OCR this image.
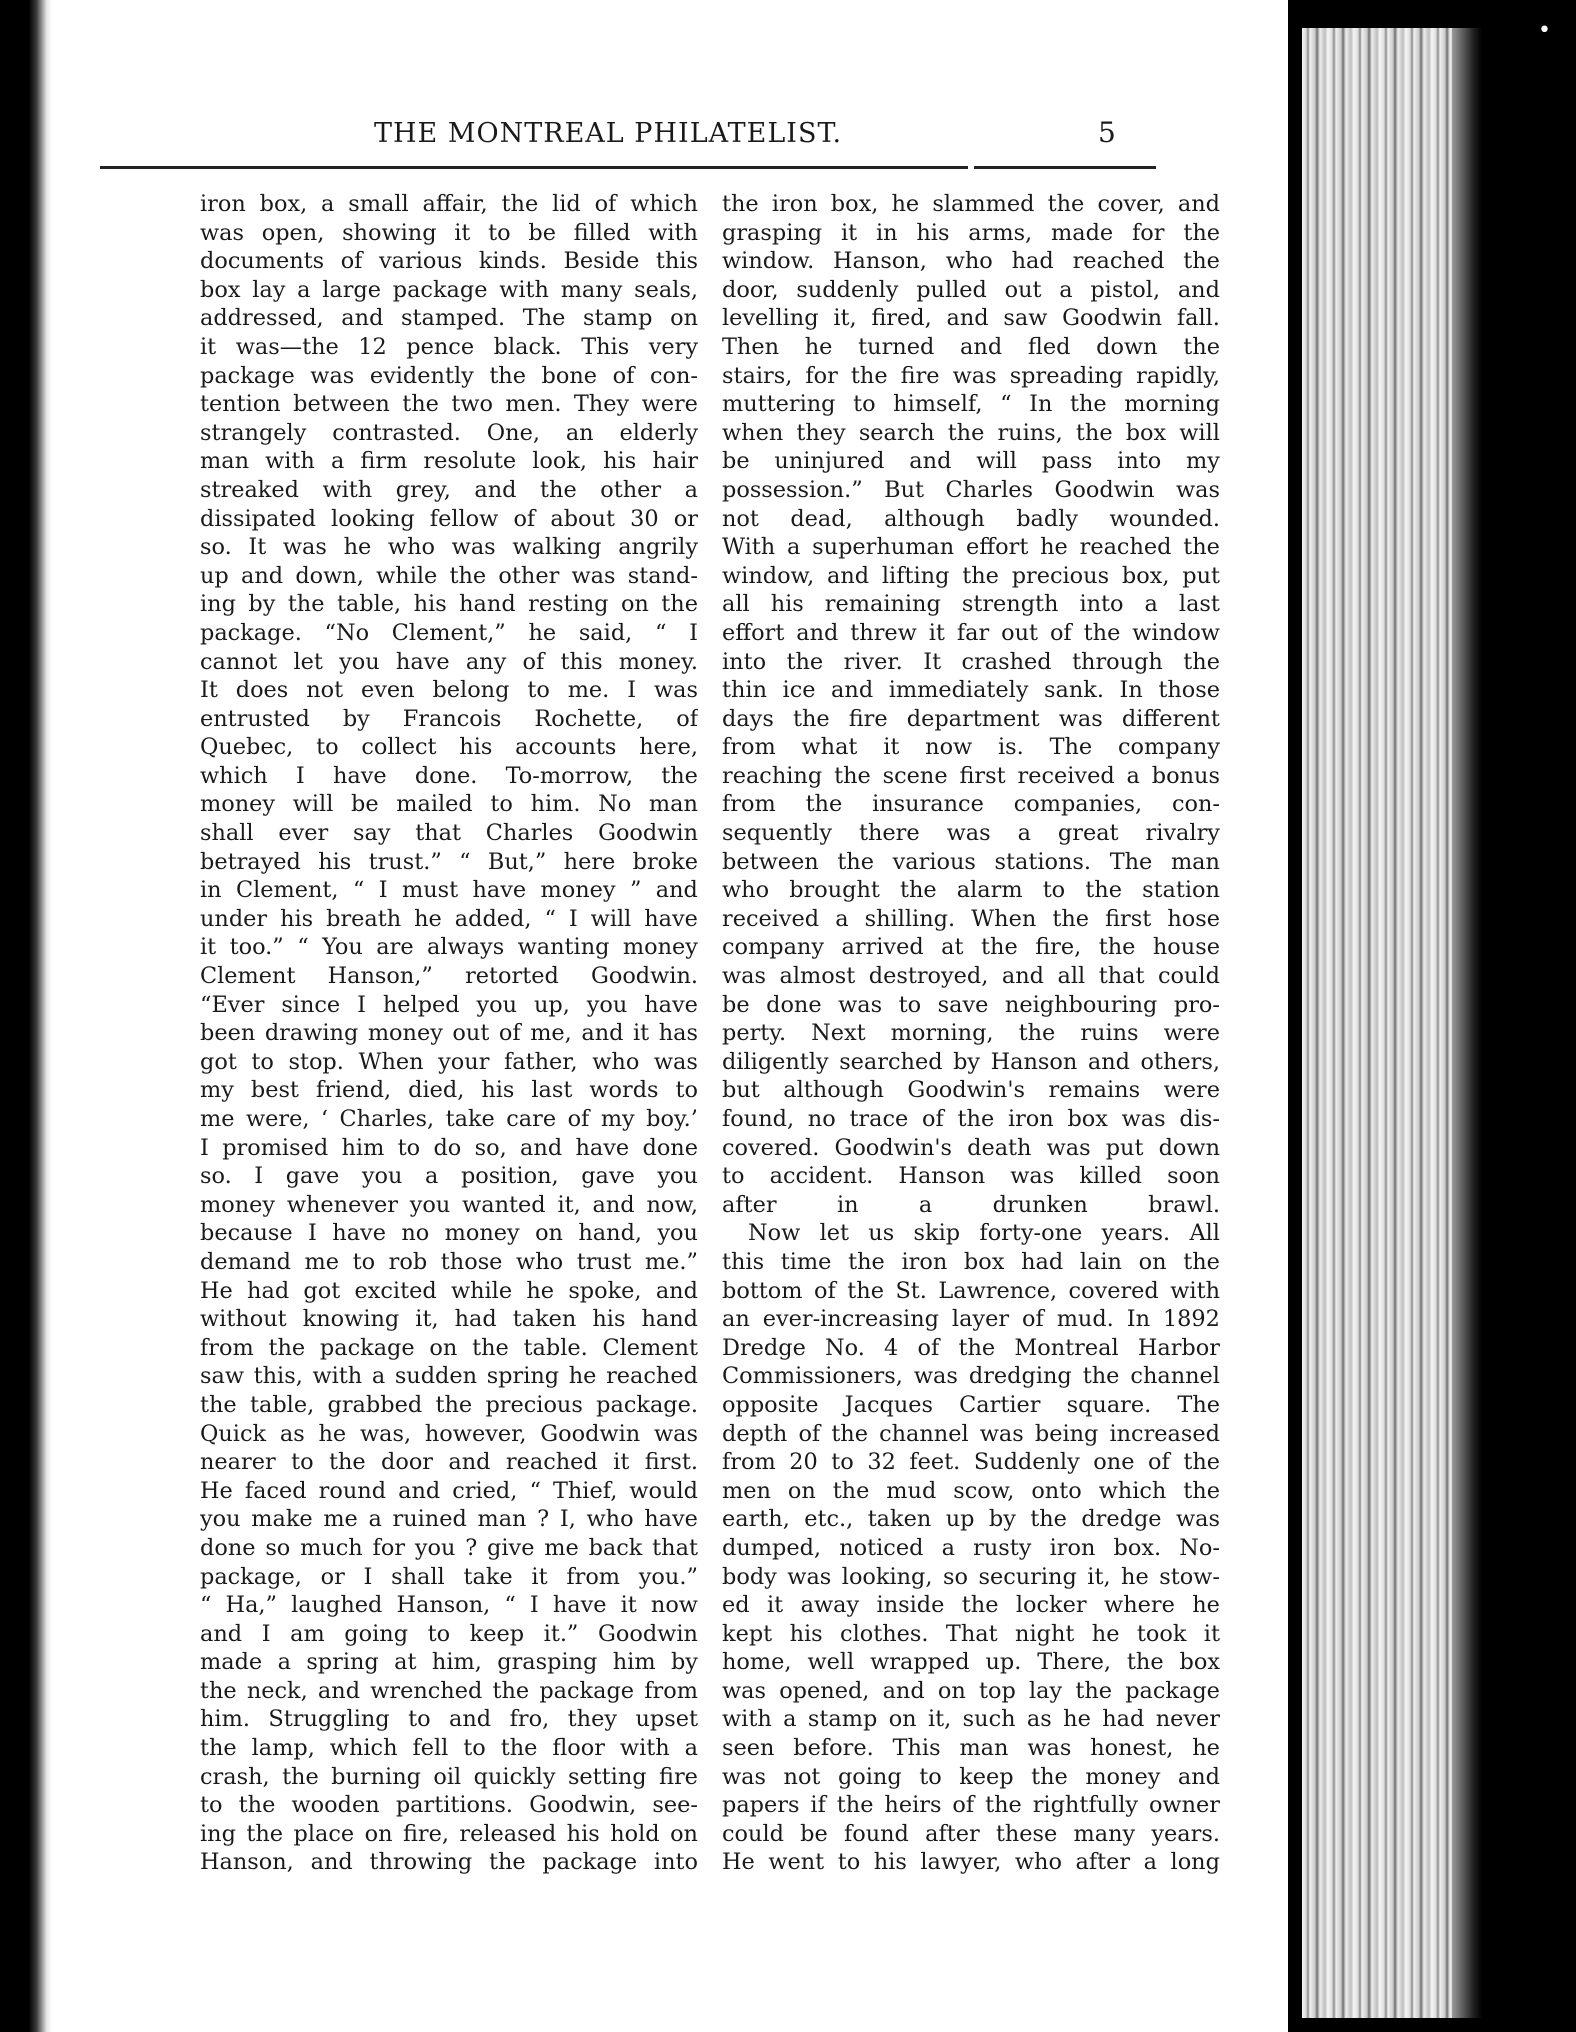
•
THE MONTREAL PHILATELIST.	5
iron box, a small affair, the lid of which
was open, showing it to be filled with
documents of various kinds. Beside this
box lay a large package with many seals,
addressed, and stamped. The stamp on
it was—the 12 pence black. This very
package was evidently the bone of con-
tention between the two men. They were
strangely contrasted. One, an elderly
man with a firm resolute look, his hair
streaked with grey, and the other a
dissipated looking fellow of about 30 or
so. It was he who was walking angrily
up and down, while the other was stand-
ing by the table, his hand resting on the
package. “No Clement,” he said, “ I
cannot let you have any of this money.
It does not even belong to me. I was
entrusted by Francois Rochette, of
Quebec, to collect his accounts here,
which I have done. To-morrow, the
money will be mailed to him. No man
shall ever say that Charles Goodwin
betrayed his trust.” “ But,” here broke
in Clement, “ I must have money ” and
under his breath he added, “ I will have
it too.” “ You are always wanting money
Clement Hanson,” retorted Goodwin.
“Ever since I helped you up, you have
been drawing money out of me, and it has
got to stop. When your father, who was
my best friend, died, his last words to
me were, ‘ Charles, take care of my boy.’
I promised him to do so, and have done
so. I gave you a position, gave you
money whenever you wanted it, and now,
because I have no money on hand, you
demand me to rob those who trust me.”
He had got excited while he spoke, and
without knowing it, had taken his hand
from the package on the table. Clement
saw this, with a sudden spring he reached
the table, grabbed the precious package.
Quick as he was, however, Goodwin was
nearer to the door and reached it first.
He faced round and cried, “ Thief, would
you make me a ruined man ? I, who have
done so much for you ? give me back that
package, or I shall take it from you.”
“ Ha,” laughed Hanson, “ I have it now
and I am going to keep it.” Goodwin
made a spring at him, grasping him by
the neck, and wrenched the package from
him. Struggling to and fro, they upset
the lamp, which fell to the floor with a
crash, the burning oil quickly setting fire
to the wooden partitions. Goodwin, see-
ing the place on fire, released his hold on
Hanson, and throwing the package into
the iron box, he slammed the cover, and
grasping it in his arms, made for the
window. Hanson, who had reached the
door, suddenly pulled out a pistol, and
levelling it, fired, and saw Goodwin fall.
Then he turned and fled down the
stairs, for the fire was spreading rapidly,
muttering to himself, “ In the morning
when they search the ruins, the box will
be uninjured and will pass into my
possession.” But Charles Goodwin was
not dead, although badly wounded.
With a superhuman effort he reached the
window, and lifting the precious box, put
all his remaining strength into a last
effort and threw it far out of the window
into the river. It crashed through the
thin ice and immediately sank. In those
days the fire department was different
from what it now is. The company
reaching the scene first received a bonus
from the insurance companies, con-
sequently there was a great rivalry
between the various stations. The man
who brought the alarm to the station
received a shilling. When the first hose
company arrived at the fire, the house
was almost destroyed, and all that could
be done was to save neighbouring pro-
perty. Next morning, the ruins were
diligently searched by Hanson and others,
but although Goodwin's remains were
found, no trace of the iron box was dis-
covered. Goodwin's death was put down
to accident. Hanson was killed soon
after in a drunken brawl.
Now let us skip forty-one years. All
this time the iron box had lain on the
bottom of the St. Lawrence, covered with
an ever-increasing layer of mud. In 1892
Dredge No. 4 of the Montreal Harbor
Commissioners, was dredging the channel
opposite Jacques Cartier square. The
depth of the channel was being increased
from 20 to 32 feet. Suddenly one of the
men on the mud scow, onto which the
earth, etc., taken up by the dredge was
dumped, noticed a rusty iron box. No-
body was looking, so securing it, he stow-
ed it away inside the locker where he
kept his clothes. That night he took it
home, well wrapped up. There, the box
was opened, and on top lay the package
with a stamp on it, such as he had never
seen before. This man was honest, he
was not going to keep the money and
papers if the heirs of the rightfully owner
could be found after these many years.
He went to his lawyer, who after a long
